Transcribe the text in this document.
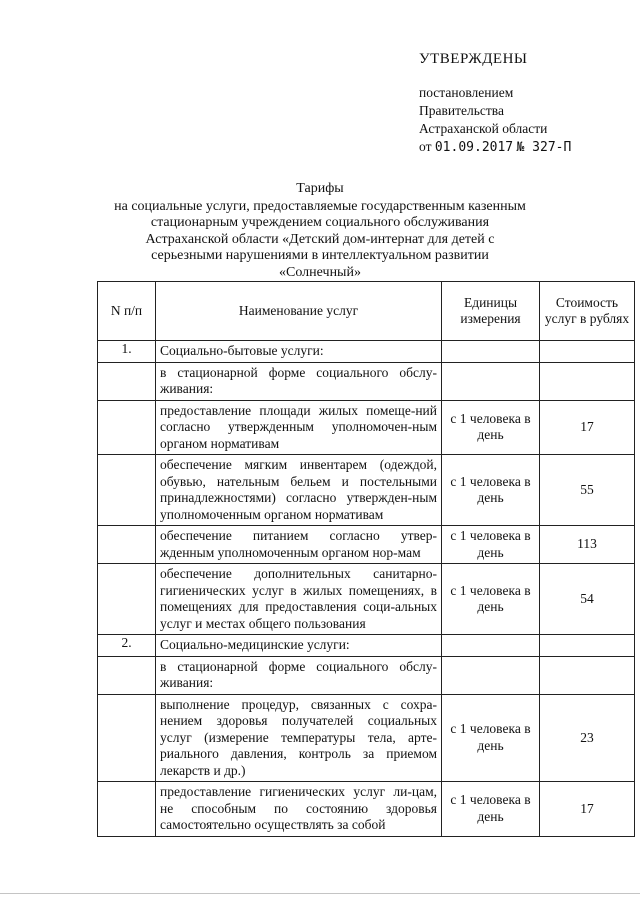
УТВЕРЖДЕНЫ
постановлением
Правительства
Астраханской области
от 01.09.2017 № 327-П
Тарифы
на социальные услуги, предоставляемые государственным казенным стационарным учреждением социального обслуживания Астраханской области «Детский дом-интернат для детей с серьезными нарушениями в интеллектуальном развитии «Солнечный»
N п/п	Наименование услуг	Единицы измерения	Стоимость услуг в рублях
1.	Социально-бытовые услуги:		
	в стационарной форме социального обслу-живания:		
	предоставление площади жилых помеще-ний согласно утвержденным уполномочен-ным органом нормативам	с 1 человека в день	17
	обеспечение мягким инвентарем (одеждой, обувью, нательным бельем и постельными принадлежностями) согласно утвержден-ным уполномоченным органом нормативам	с 1 человека в день	55
	обеспечение питанием согласно утвер-жденным уполномоченным органом нор-мам	с 1 человека в день	113
	обеспечение дополнительных санитарно-гигиенических услуг в жилых помещениях, в помещениях для предоставления соци-альных услуг и местах общего пользования	с 1 человека в день	54
2.	Социально-медицинские услуги:		
	в стационарной форме социального обслу-живания:		
	выполнение процедур, связанных с сохра-нением здоровья получателей социальных услуг (измерение температуры тела, арте-риального давления, контроль за приемом лекарств и др.)	с 1 человека в день	23
	предоставление гигиенических услуг ли-цам, не способным по состоянию здоровья самостоятельно осуществлять за собой	с 1 человека в день	17
